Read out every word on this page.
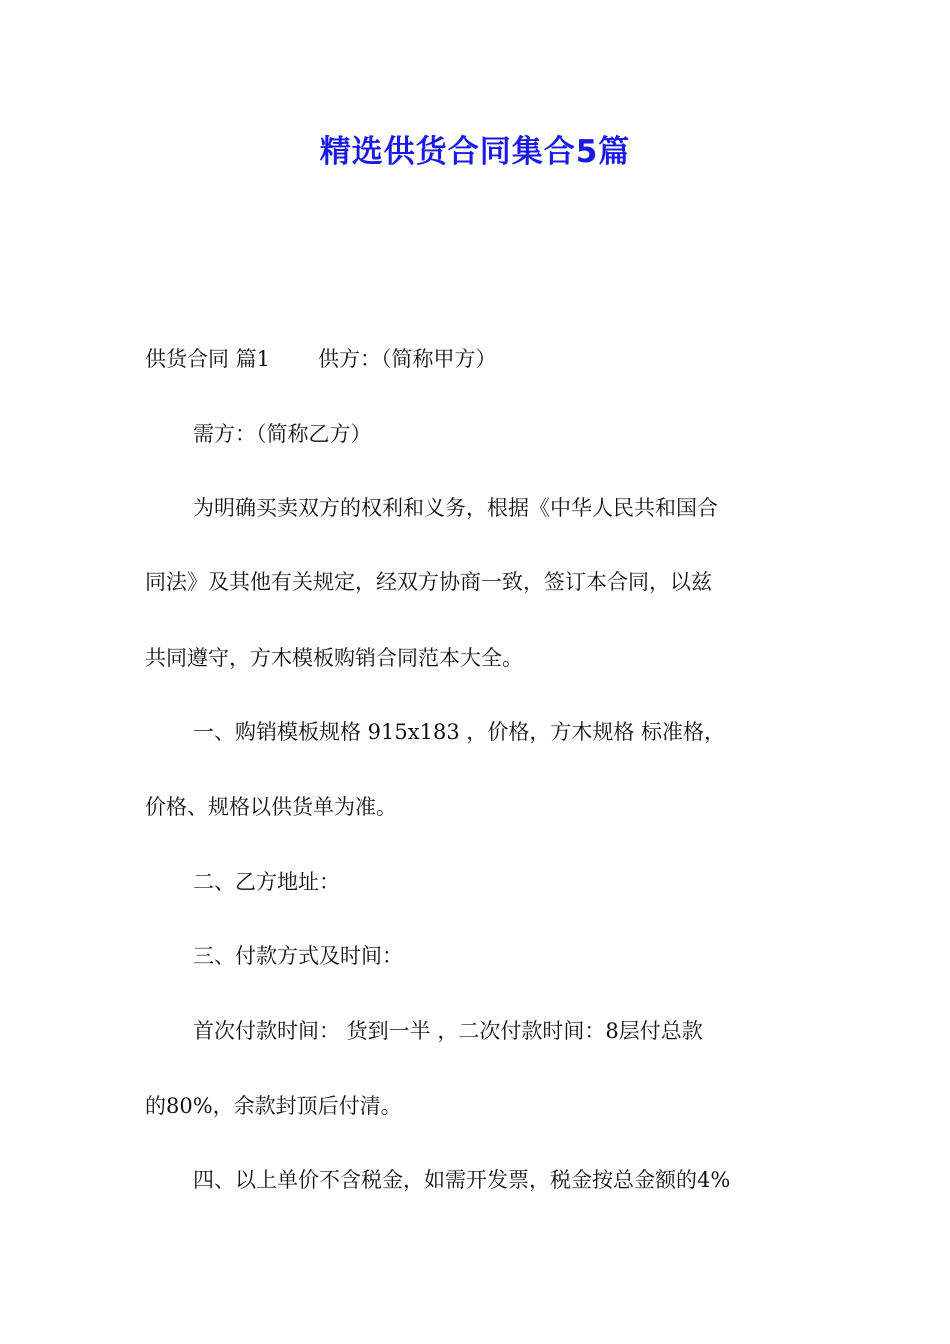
精选供货合同集合5篇
供货合同 篇1 供方：（简称甲方）
需方：（简称乙方）
为明确买卖双方的权利和义务，根据《中华人民共和国合
同法》及其他有关规定，经双方协商一致，签订本合同，以兹
共同遵守，方木模板购销合同范本大全。
一、购销模板规格 915x183 ，价格，方木规格 标准格，
价格、规格以供货单为准。
二、乙方地址：
三、付款方式及时间：
首次付款时间： 货到一半 ，二次付款时间：8层付总款
的80%，余款封顶后付清。
四、以上单价不含税金，如需开发票，税金按总金额的4%
